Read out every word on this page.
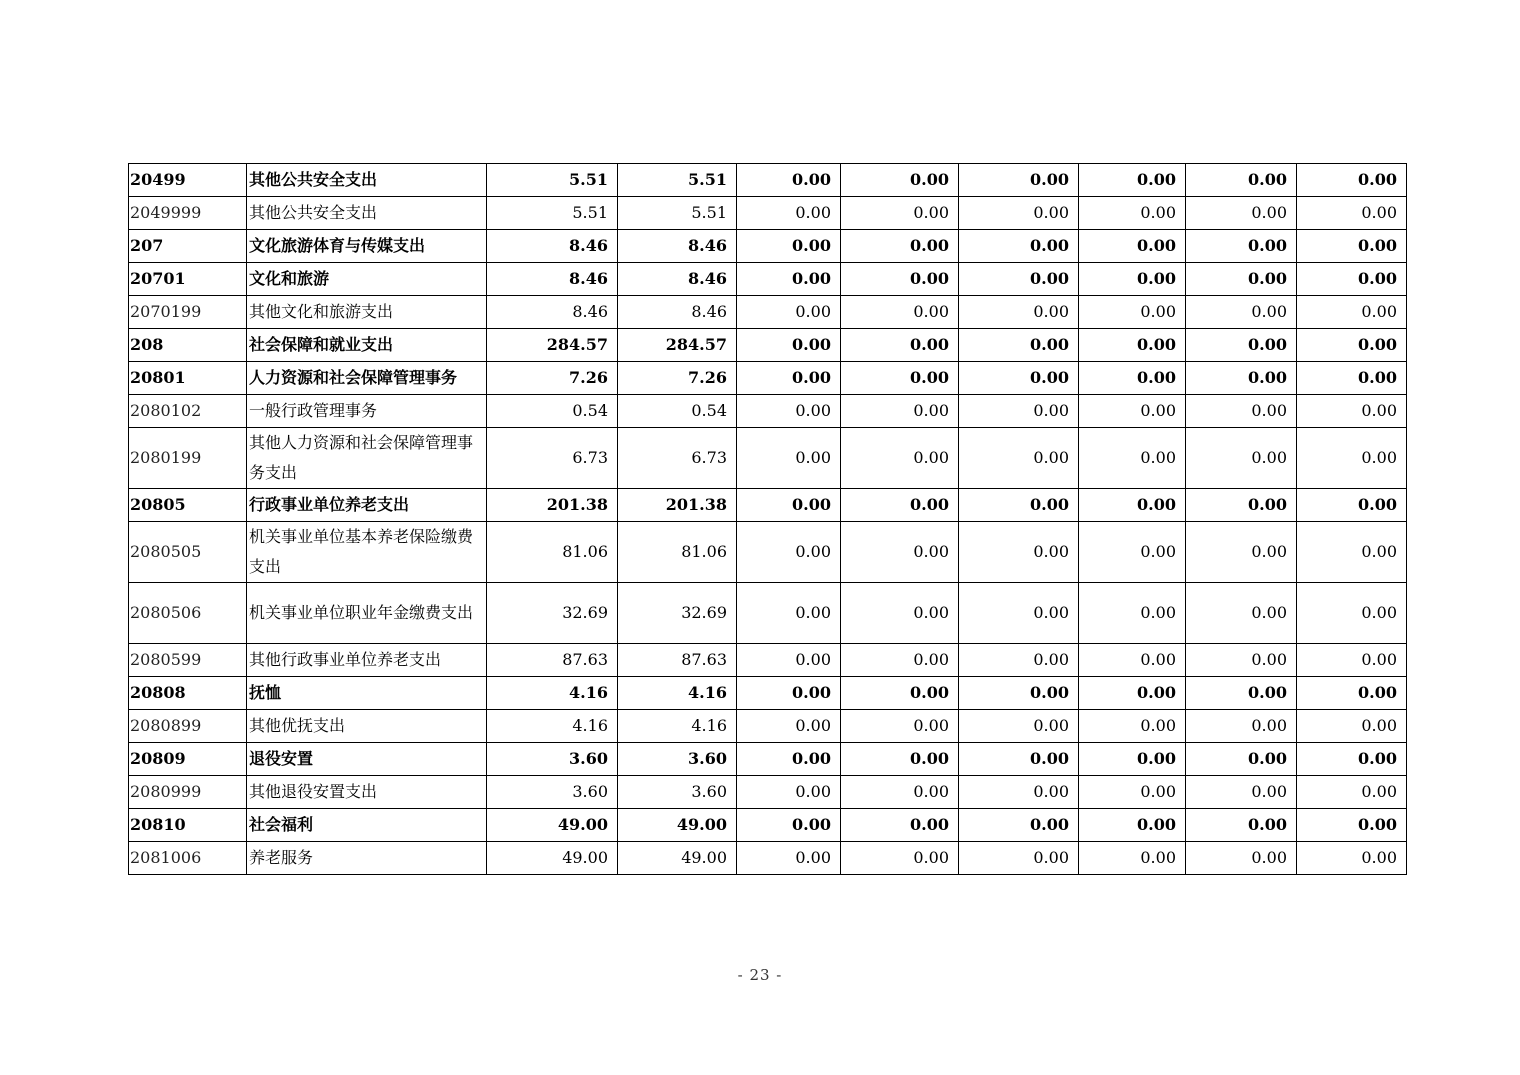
20499	其他公共安全支出	5.51	5.51	0.00	0.00	0.00	0.00	0.00	0.00
2049999	其他公共安全支出	5.51	5.51	0.00	0.00	0.00	0.00	0.00	0.00
207	文化旅游体育与传媒支出	8.46	8.46	0.00	0.00	0.00	0.00	0.00	0.00
20701	文化和旅游	8.46	8.46	0.00	0.00	0.00	0.00	0.00	0.00
2070199	其他文化和旅游支出	8.46	8.46	0.00	0.00	0.00	0.00	0.00	0.00
208	社会保障和就业支出	284.57	284.57	0.00	0.00	0.00	0.00	0.00	0.00
20801	人力资源和社会保障管理事务	7.26	7.26	0.00	0.00	0.00	0.00	0.00	0.00
2080102	一般行政管理事务	0.54	0.54	0.00	0.00	0.00	0.00	0.00	0.00
2080199	其他人力资源和社会保障管理事务支出	6.73	6.73	0.00	0.00	0.00	0.00	0.00	0.00
20805	行政事业单位养老支出	201.38	201.38	0.00	0.00	0.00	0.00	0.00	0.00
2080505	机关事业单位基本养老保险缴费支出	81.06	81.06	0.00	0.00	0.00	0.00	0.00	0.00
2080506	机关事业单位职业年金缴费支出	32.69	32.69	0.00	0.00	0.00	0.00	0.00	0.00
2080599	其他行政事业单位养老支出	87.63	87.63	0.00	0.00	0.00	0.00	0.00	0.00
20808	抚恤	4.16	4.16	0.00	0.00	0.00	0.00	0.00	0.00
2080899	其他优抚支出	4.16	4.16	0.00	0.00	0.00	0.00	0.00	0.00
20809	退役安置	3.60	3.60	0.00	0.00	0.00	0.00	0.00	0.00
2080999	其他退役安置支出	3.60	3.60	0.00	0.00	0.00	0.00	0.00	0.00
20810	社会福利	49.00	49.00	0.00	0.00	0.00	0.00	0.00	0.00
2081006	养老服务	49.00	49.00	0.00	0.00	0.00	0.00	0.00	0.00
- 23 -
